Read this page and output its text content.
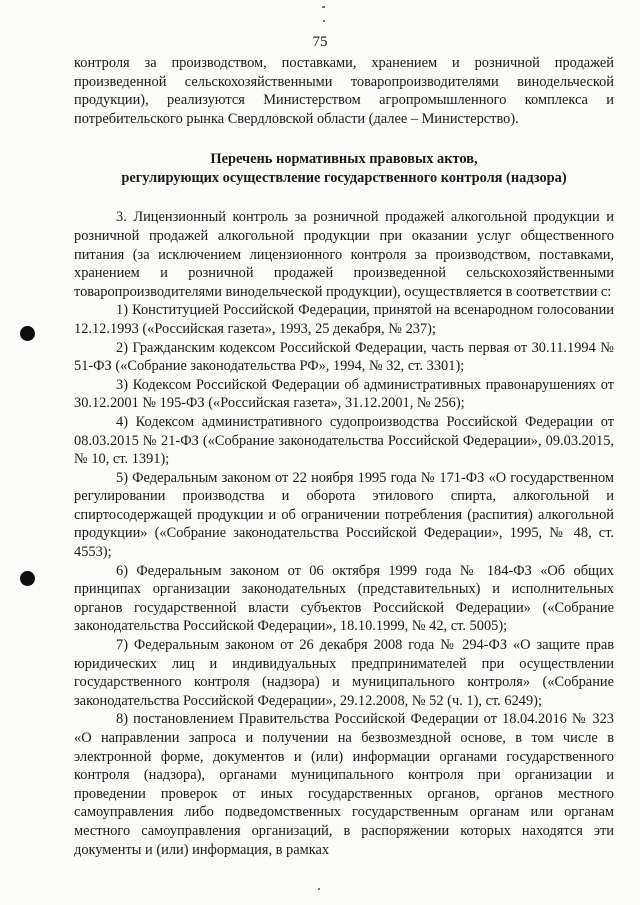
75

контроля за производством, поставками, хранением и розничной продажей произведенной сельскохозяйственными товаропроизводителями винодельческой продукции), реализуются Министерством агропромышленного комплекса и потребительского рынка Свердловской области (далее – Министерство).

Перечень нормативных правовых актов,
регулирующих осуществление государственного контроля (надзора)

3. Лицензионный контроль за розничной продажей алкогольной продукции и розничной продажей алкогольной продукции при оказании услуг общественного питания (за исключением лицензионного контроля за производством, поставками, хранением и розничной продажей произведенной сельскохозяйственными товаропроизводителями винодельческой продукции), осуществляется в соответствии с:

1) Конституцией Российской Федерации, принятой на всенародном голосовании 12.12.1993 («Российская газета», 1993, 25 декабря, № 237);

2) Гражданским кодексом Российской Федерации, часть первая от 30.11.1994 № 51-ФЗ («Собрание законодательства РФ», 1994, № 32, ст. 3301);

3) Кодексом Российской Федерации об административных правонарушениях от 30.12.2001 № 195-ФЗ («Российская газета», 31.12.2001, № 256);

4) Кодексом административного судопроизводства Российской Федерации от 08.03.2015 № 21-ФЗ («Собрание законодательства Российской Федерации», 09.03.2015, № 10, ст. 1391);

5) Федеральным законом от 22 ноября 1995 года № 171-ФЗ «О государственном регулировании производства и оборота этилового спирта, алкогольной и спиртосодержащей продукции и об ограничении потребления (распития) алкогольной продукции» («Собрание законодательства Российской Федерации», 1995, № 48, ст. 4553);

6) Федеральным законом от 06 октября 1999 года № 184-ФЗ «Об общих принципах организации законодательных (представительных) и исполнительных органов государственной власти субъектов Российской Федерации» («Собрание законодательства Российской Федерации», 18.10.1999, № 42, ст. 5005);

7) Федеральным законом от 26 декабря 2008 года № 294-ФЗ «О защите прав юридических лиц и индивидуальных предпринимателей при осуществлении государственного контроля (надзора) и муниципального контроля» («Собрание законодательства Российской Федерации», 29.12.2008, № 52 (ч. 1), ст. 6249);

8) постановлением Правительства Российской Федерации от 18.04.2016 № 323 «О направлении запроса и получении на безвозмездной основе, в том числе в электронной форме, документов и (или) информации органами государственного контроля (надзора), органами муниципального контроля при организации и проведении проверок от иных государственных органов, органов местного самоуправления либо подведомственных государственным органам или органам местного самоуправления организаций, в распоряжении которых находятся эти документы и (или) информация, в рамках
